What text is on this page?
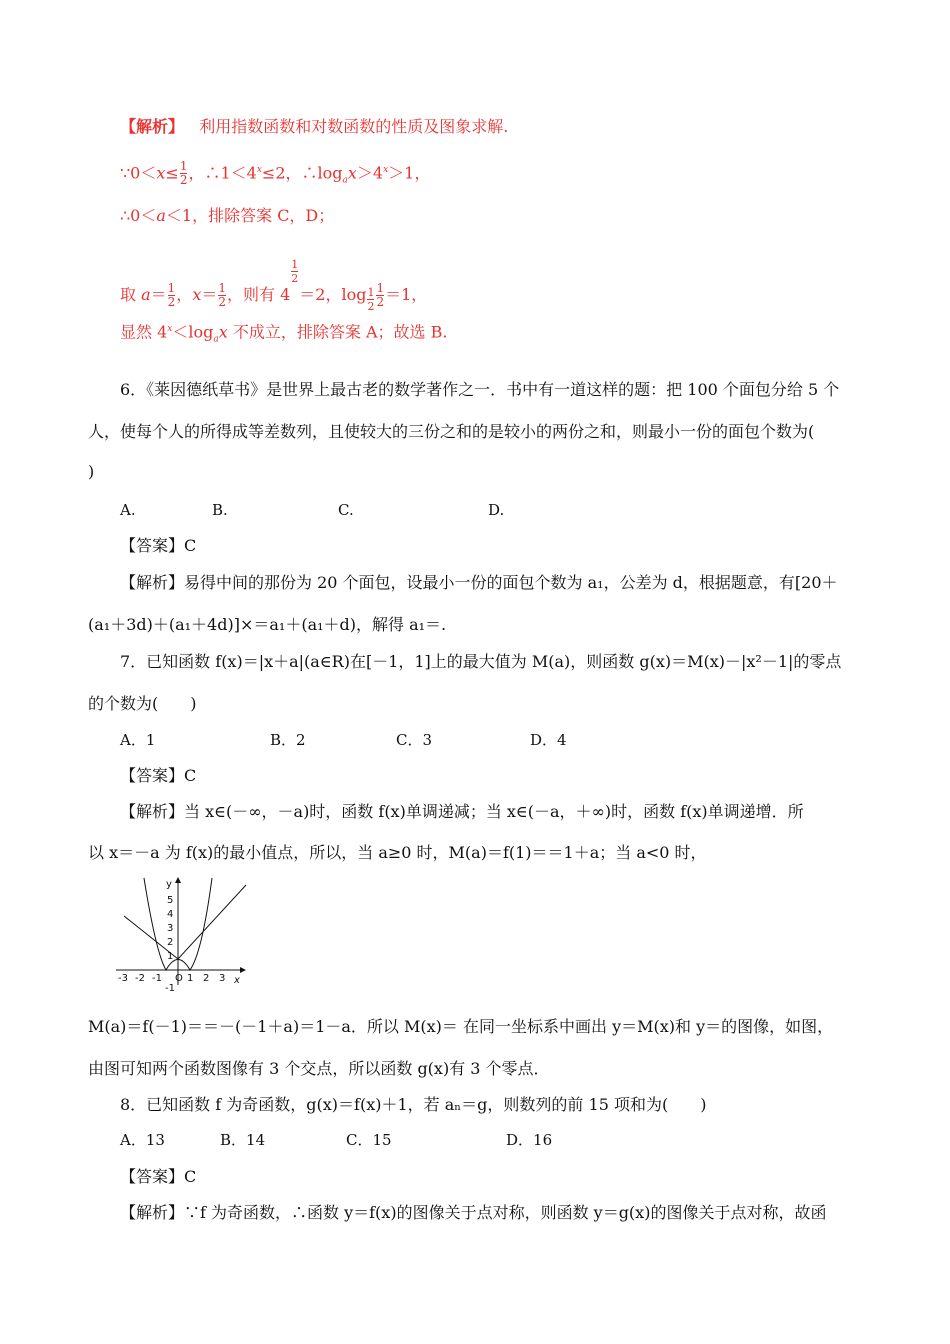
【解析】 利用指数函数和对数函数的性质及图象求解.
∵0＜x≤ $\frac{1}{2}$ ，$\therefore 1<4^x\le 2$，$\therefore\log_ax>4^x>1$，
∴0＜a＜1，排除答案 C，D；
取 $a= \frac{1}{2}$ ，$x= \frac{1}{2}$ ，则有 4
$\frac{1}{2}$
＝2，$\log \frac{1}{2} \frac{1}{2} =1$，
显然 $4^x<\log_ax$ 不成立，排除答案 A；故选 B.
6．《莱因德纸草书》是世界上最古老的数学著作之一．书中有一道这样的题：把 100 个面包分给 5 个
人，使每个人的所得成等差数列，且使较大的三份之和的是较小的两份之和，则最小一份的面包个数为(
)
A.	B.	C.	D.
【答案】C
【解析】易得中间的那份为 20 个面包，设最小一份的面包个数为 a₁，公差为 d，根据题意，有[20＋
(a₁＋3d)＋(a₁＋4d)]×＝a₁＋(a₁＋d)，解得 a₁＝.
7．已知函数 f(x)＝|x＋a|(a∈R)在[－1，1]上的最大值为 M(a)，则函数 g(x)＝M(x)－|x²－1|的零点
的个数为(　　)
A．1	B．2	C．3	D．4
【答案】C
【解析】当 x∈(－∞，－a)时，函数 f(x)单调递减；当 x∈(－a，＋∞)时，函数 f(x)单调递增．所
以 x＝－a 为 f(x)的最小值点，所以，当 a≥0 时，M(a)＝f(1)＝＝1＋a；当 a<0 时，
y
x
O
-3 -2 -1	1 2 3
5
4
3
2
1
-1
M(a)＝f(－1)＝＝－(－1＋a)＝1－a．所以 M(x)＝ 在同一坐标系中画出 y＝M(x)和 y＝的图像，如图，
由图可知两个函数图像有 3 个交点，所以函数 g(x)有 3 个零点．
8．已知函数 f 为奇函数，g(x)＝f(x)＋1，若 aₙ＝g，则数列的前 15 项和为(　　)
A．13	B．14	C．15	D．16
【答案】C
【解析】∵f 为奇函数，∴函数 y＝f(x)的图像关于点对称，则函数 y＝g(x)的图像关于点对称，故函
